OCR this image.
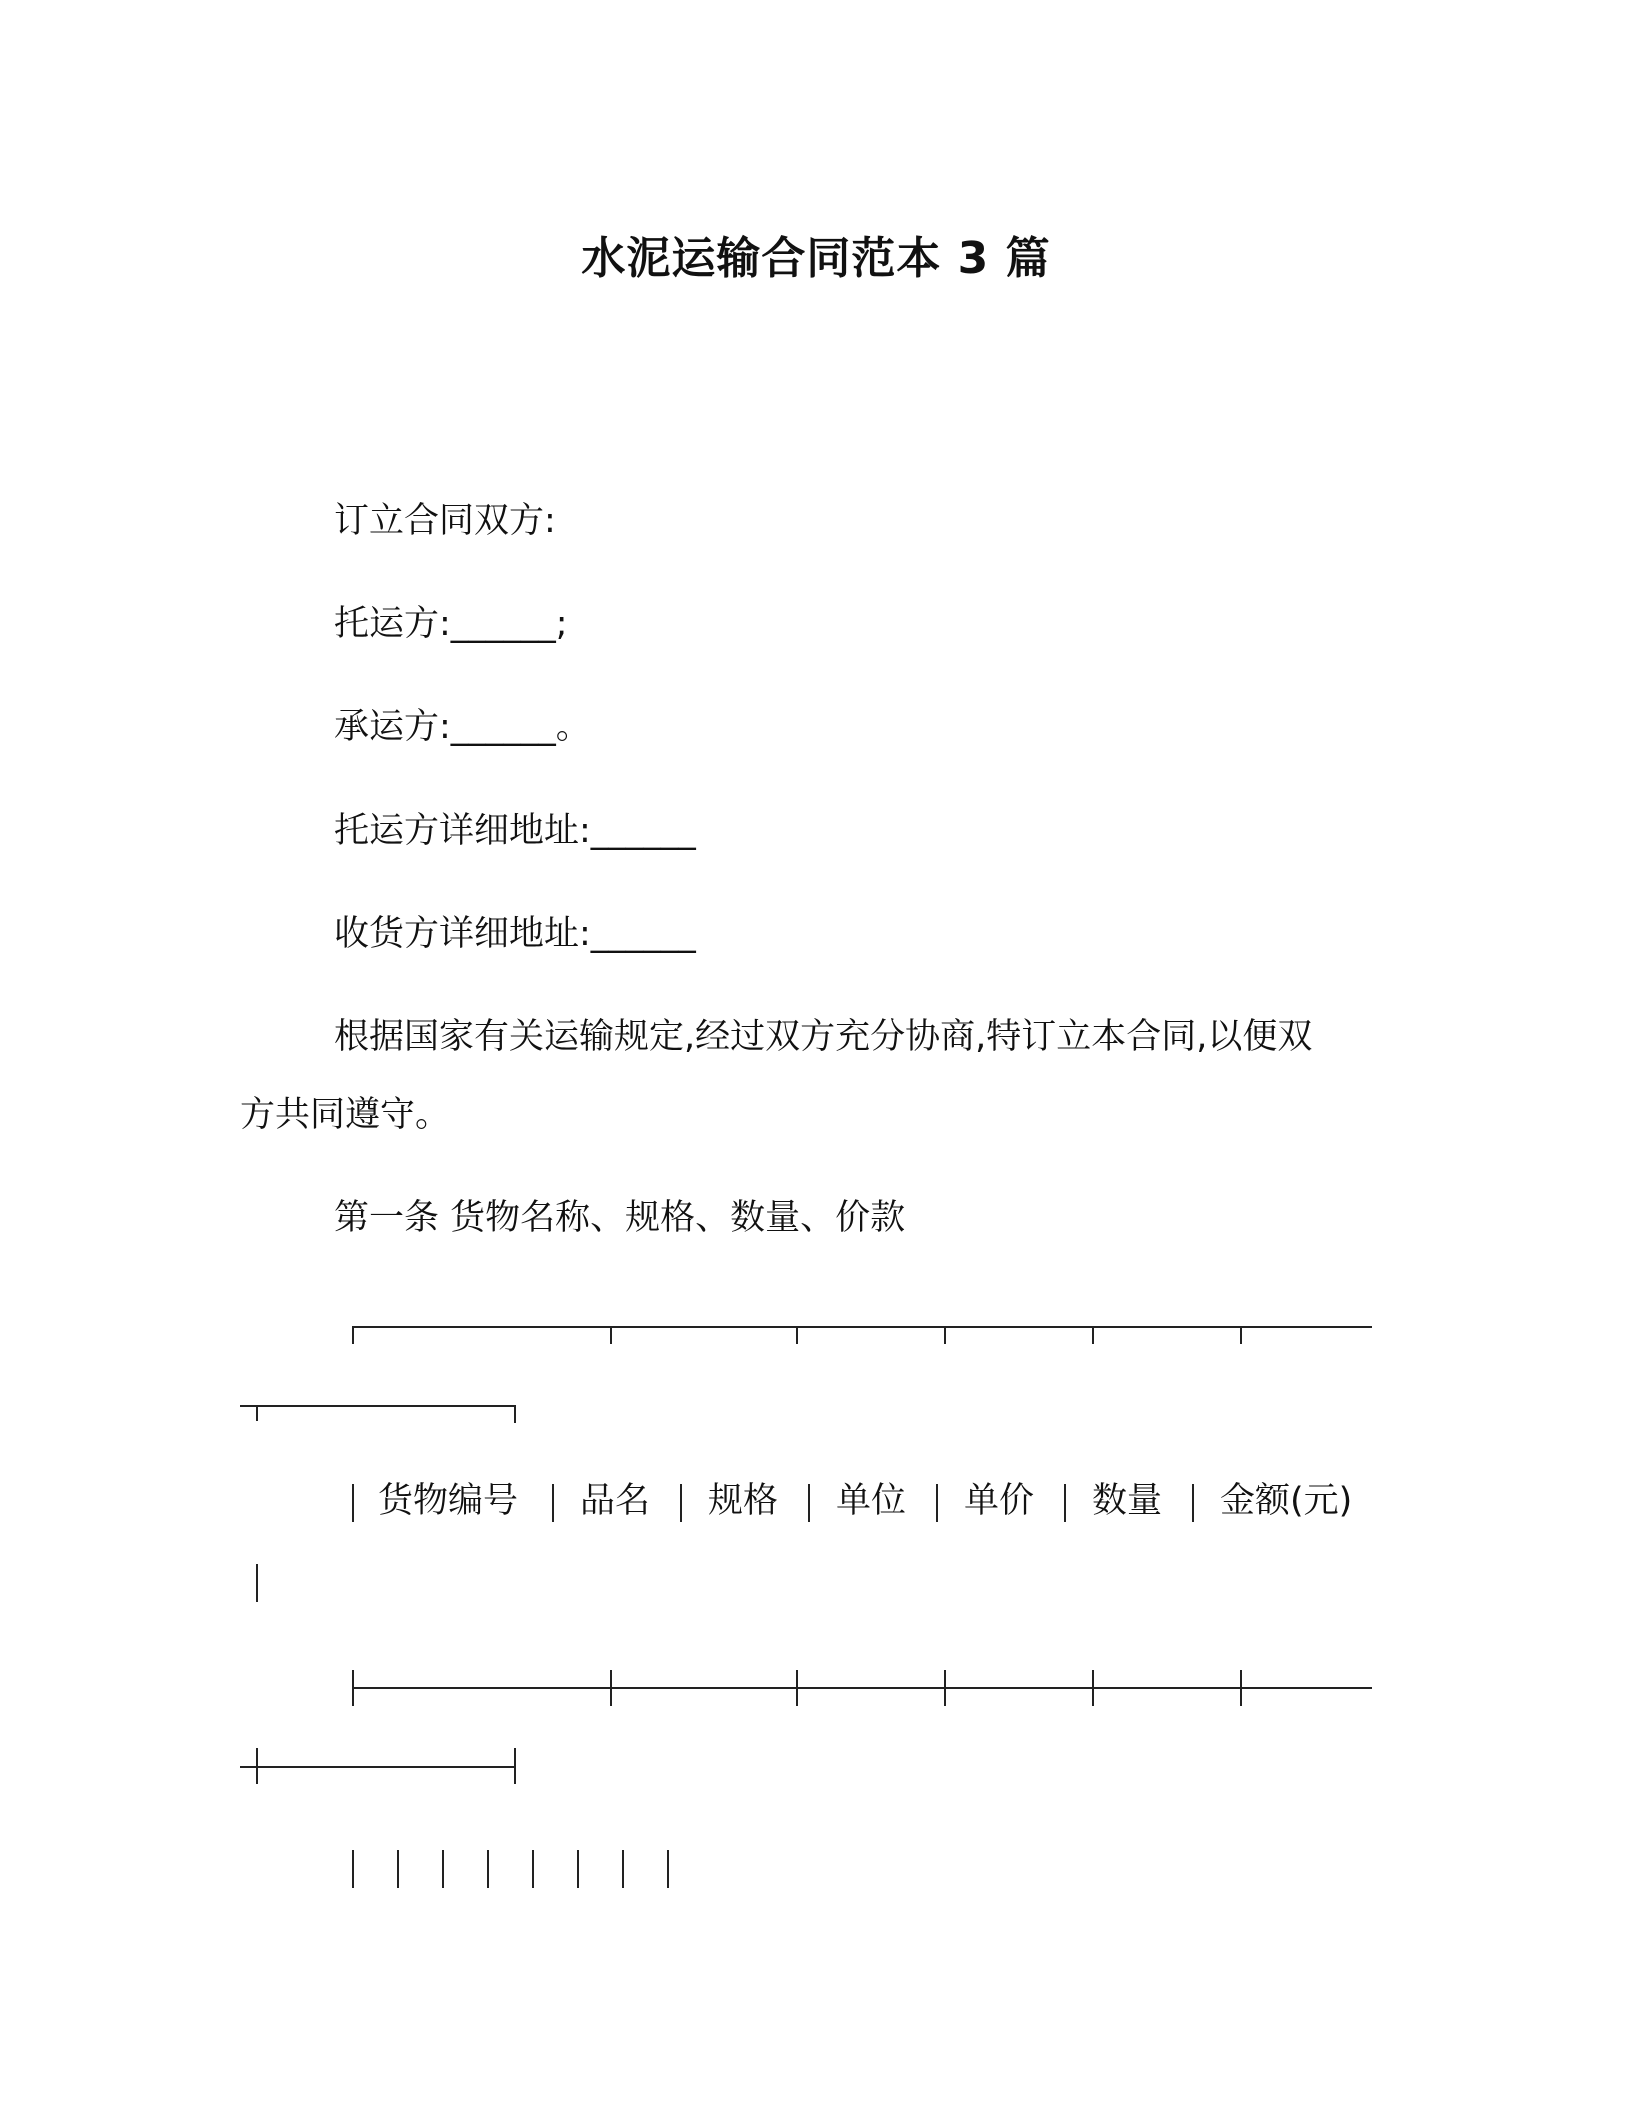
水泥运输合同范本 3 篇

订立合同双方:

托运方:______;

承运方:______。

托运方详细地址:______

收货方详细地址:______

根据国家有关运输规定,经过双方充分协商,特订立本合同,以便双

方共同遵守。

第一条 货物名称、规格、数量、价款

货物编号 品名 规格 单位 单价 数量 金额(元)
